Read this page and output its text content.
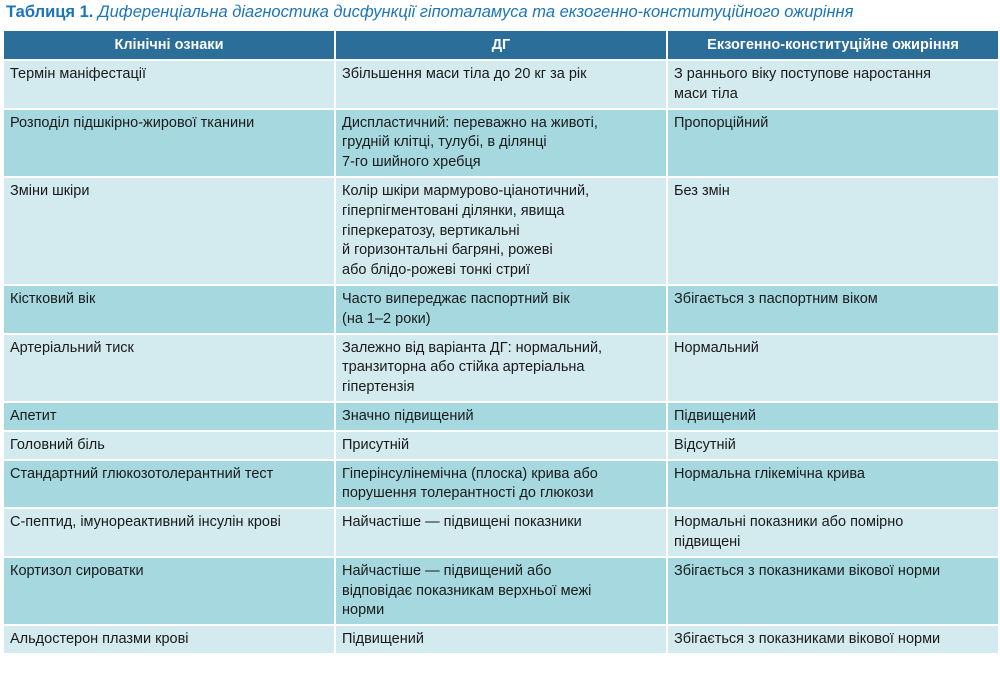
Таблиця 1. Диференціальна діагностика дисфункції гіпоталамуса та екзогенно-конституційного ожиріння
Клінічні ознаки	ДГ	Екзогенно-конституційне ожиріння

Термін маніфестації	Збільшення маси тіла до 20 кг за рік	З раннього віку поступове наростання
маси тіла

Розподіл підшкірно-жирової тканини	Диспластичний: переважно на животі,
грудній клітці, тулубі, в ділянці
7-го шийного хребця	Пропорційний

Зміни шкіри	Колір шкіри мармурово-ціанотичний,
гіперпігментовані ділянки, явища
гіперкератозу, вертикальні
й горизонтальні багряні, рожеві
або блідо-рожеві тонкі стриї	Без змін

Кістковий вік	Часто випереджає паспортний вік
(на 1–2 роки)	Збігається з паспортним віком

Артеріальний тиск	Залежно від варіанта ДГ: нормальний,
транзиторна або стійка артеріальна
гіпертензія	Нормальний

Апетит	Значно підвищений	Підвищений

Головний біль	Присутній	Відсутній

Стандартний глюкозотолерантний тест	Гіперінсулінемічна (плоска) крива або
порушення толерантності до глюкози	Нормальна глікемічна крива

С-пептид, імунореактивний інсулін крові	Найчастіше — підвищені показники	Нормальні показники або помірно
підвищені

Кортизол сироватки	Найчастіше — підвищений або
відповідає показникам верхньої межі
норми	Збігається з показниками вікової норми

Альдостерон плазми крові	Підвищений	Збігається з показниками вікової норми
